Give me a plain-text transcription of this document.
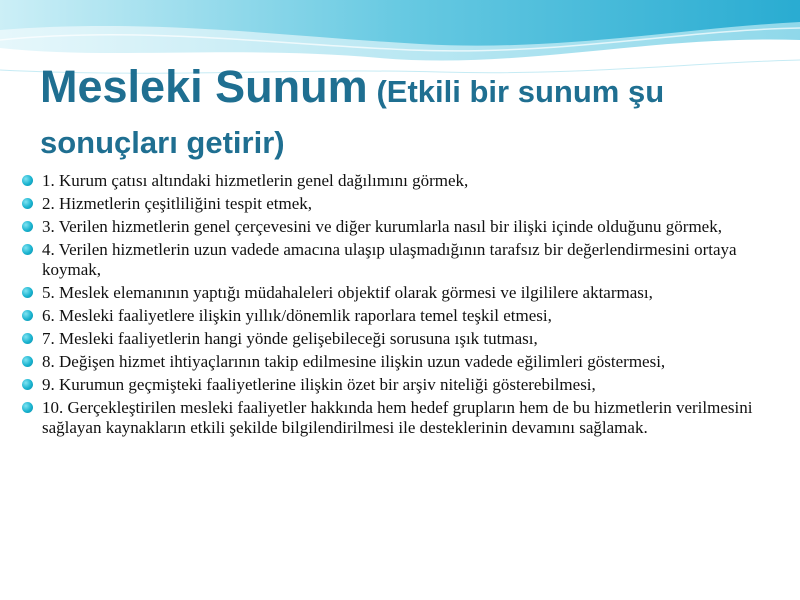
Mesleki Sunum (Etkili bir sunum şu sonuçları getirir)
1. Kurum çatısı altındaki hizmetlerin genel dağılımını görmek,
2. Hizmetlerin çeşitliliğini tespit etmek,
3. Verilen hizmetlerin genel çerçevesini ve diğer kurumlarla nasıl bir ilişki içinde olduğunu görmek,
4. Verilen hizmetlerin uzun vadede amacına ulaşıp ulaşmadığının tarafsız bir değerlendirmesini ortaya koymak,
5. Meslek elemanının yaptığı müdahaleleri objektif olarak görmesi ve ilgililere aktarması,
6. Mesleki faaliyetlere ilişkin yıllık/dönemlik raporlara temel teşkil etmesi,
7. Mesleki faaliyetlerin hangi yönde gelişebileceği sorusuna ışık tutması,
8. Değişen hizmet ihtiyaçlarının takip edilmesine ilişkin uzun vadede eğilimleri göstermesi,
9. Kurumun geçmişteki faaliyetlerine ilişkin özet bir arşiv niteliği gösterebilmesi,
10. Gerçekleştirilen mesleki faaliyetler hakkında hem hedef grupların hem de bu hizmetlerin verilmesini sağlayan kaynakların etkili şekilde bilgilendirilmesi ile desteklerinin devamını sağlamak.
